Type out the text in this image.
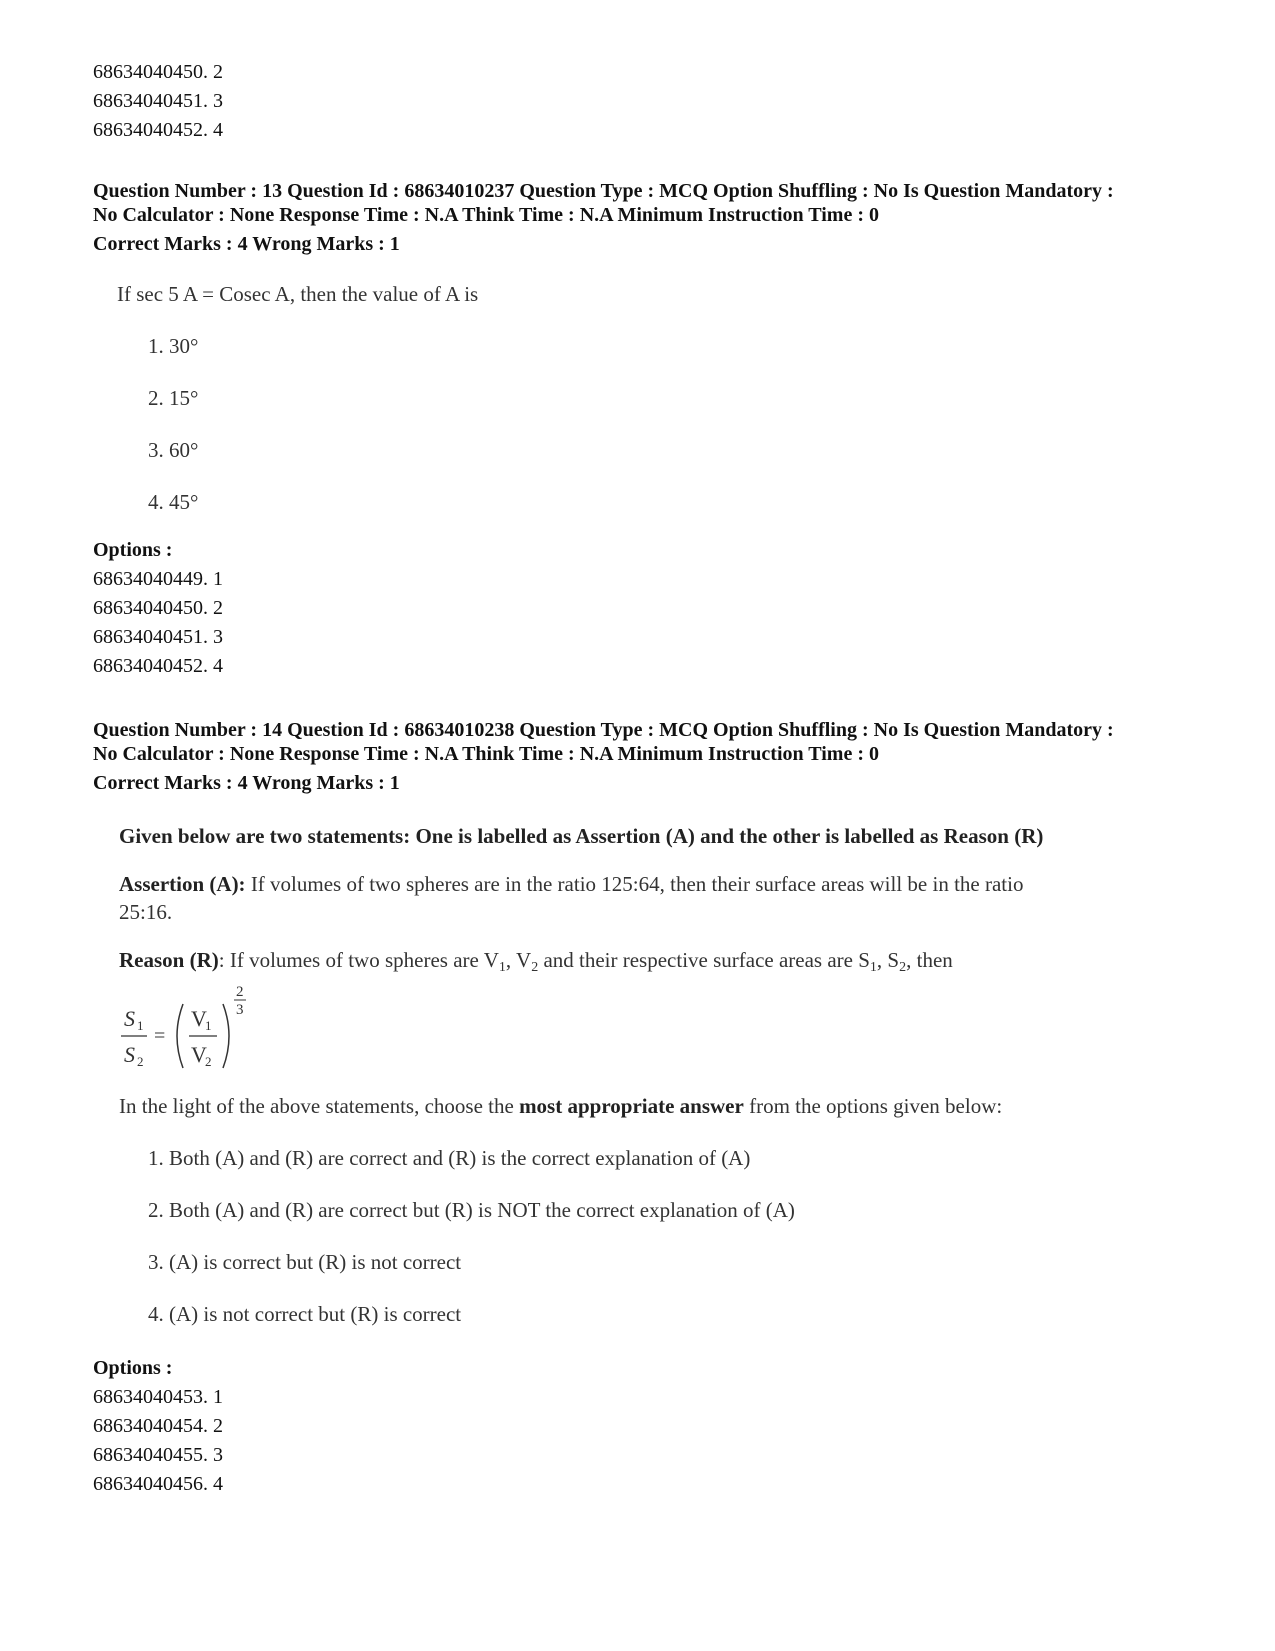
68634040450. 2
68634040451. 3
68634040452. 4
Question Number : 13 Question Id : 68634010237 Question Type : MCQ Option Shuffling : No Is Question Mandatory :
No Calculator : None Response Time : N.A Think Time : N.A Minimum Instruction Time : 0
Correct Marks : 4 Wrong Marks : 1
If sec 5 A = Cosec A, then the value of A is
1. 30°
2. 15°
3. 60°
4. 45°
Options :
68634040449. 1
68634040450. 2
68634040451. 3
68634040452. 4
Question Number : 14 Question Id : 68634010238 Question Type : MCQ Option Shuffling : No Is Question Mandatory :
No Calculator : None Response Time : N.A Think Time : N.A Minimum Instruction Time : 0
Correct Marks : 4 Wrong Marks : 1
Given below are two statements: One is labelled as Assertion (A) and the other is labelled as Reason (R)
Assertion (A): If volumes of two spheres are in the ratio 125:64, then their surface areas will be in the ratio
25:16.
Reason (R): If volumes of two spheres are $V_1$, $V_2$ and their respective surface areas are $S_1$, $S_2$, then
S 1
S 2
=
V
1
V
2
2
3
In the light of the above statements, choose the most appropriate answer from the options given below:
1. Both (A) and (R) are correct and (R) is the correct explanation of (A)
2. Both (A) and (R) are correct but (R) is NOT the correct explanation of (A)
3. (A) is correct but (R) is not correct
4. (A) is not correct but (R) is correct
Options :
68634040453. 1
68634040454. 2
68634040455. 3
68634040456. 4
